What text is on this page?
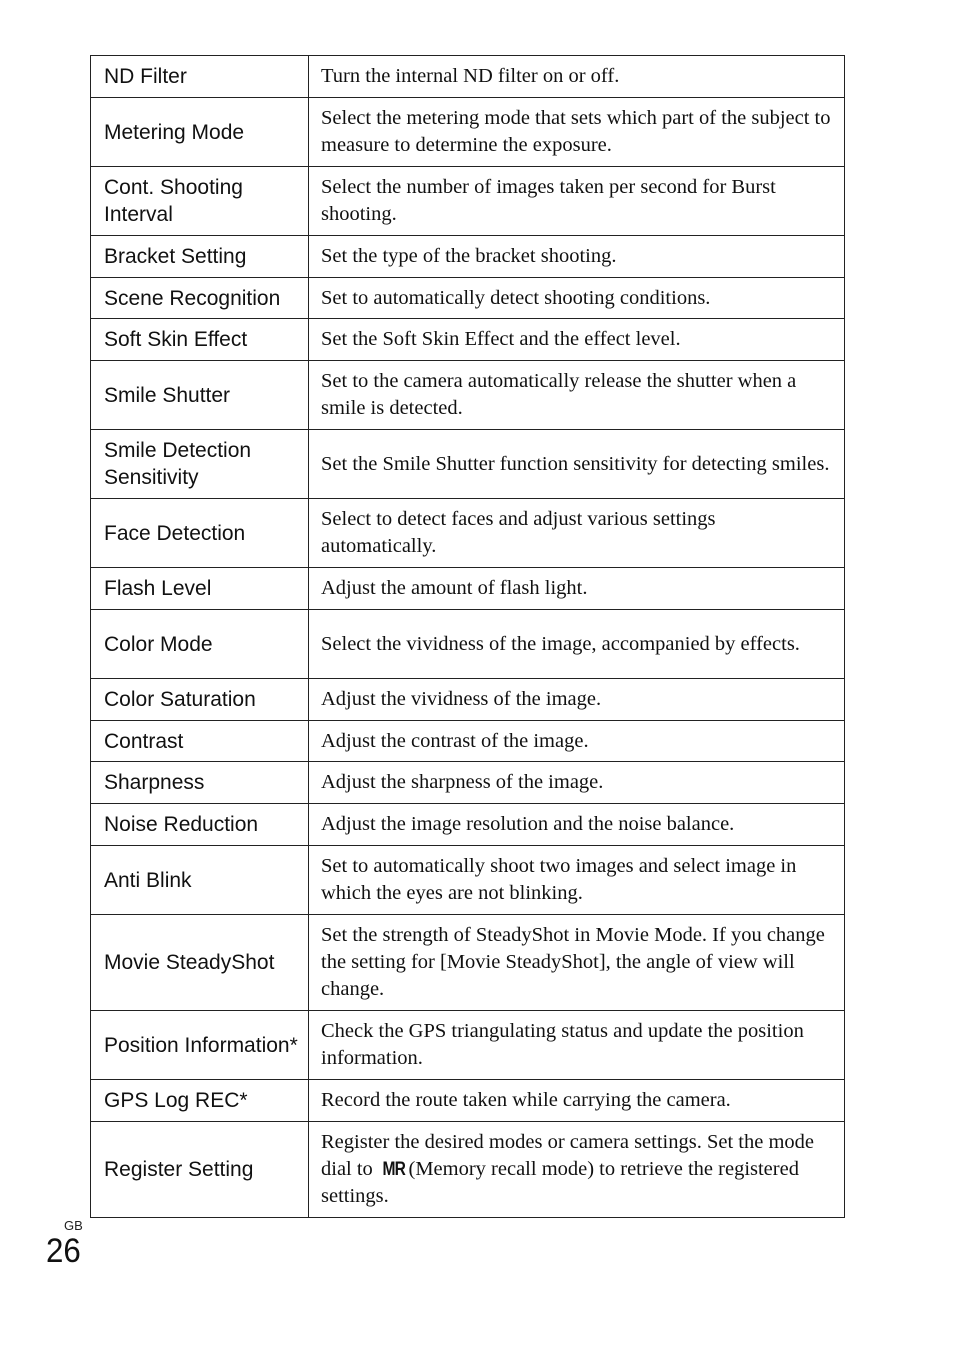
ND Filter	Turn the internal ND filter on or off.
Metering Mode	Select the metering mode that sets which part of the subject to measure to determine the exposure.
Cont. Shooting Interval	Select the number of images taken per second for Burst shooting.
Bracket Setting	Set the type of the bracket shooting.
Scene Recognition	Set to automatically detect shooting conditions.
Soft Skin Effect	Set the Soft Skin Effect and the effect level.
Smile Shutter	Set to the camera automatically release the shutter when a smile is detected.
Smile Detection Sensitivity	Set the Smile Shutter function sensitivity for detecting smiles.
Face Detection	Select to detect faces and adjust various settings automatically.
Flash Level	Adjust the amount of flash light.
Color Mode	Select the vividness of the image, accompanied by effects.
Color Saturation	Adjust the vividness of the image.
Contrast	Adjust the contrast of the image.
Sharpness	Adjust the sharpness of the image.
Noise Reduction	Adjust the image resolution and the noise balance.
Anti Blink	Set to automatically shoot two images and select image in which the eyes are not blinking.
Movie SteadyShot	Set the strength of SteadyShot in Movie Mode. If you change the setting for [Movie SteadyShot], the angle of view will change.
Position Information*	Check the GPS triangulating status and update the position information.
GPS Log REC*	Record the route taken while carrying the camera.
Register Setting	Register the desired modes or camera settings. Set the mode dial to MR (Memory recall mode) to retrieve the registered settings.
GB
26
